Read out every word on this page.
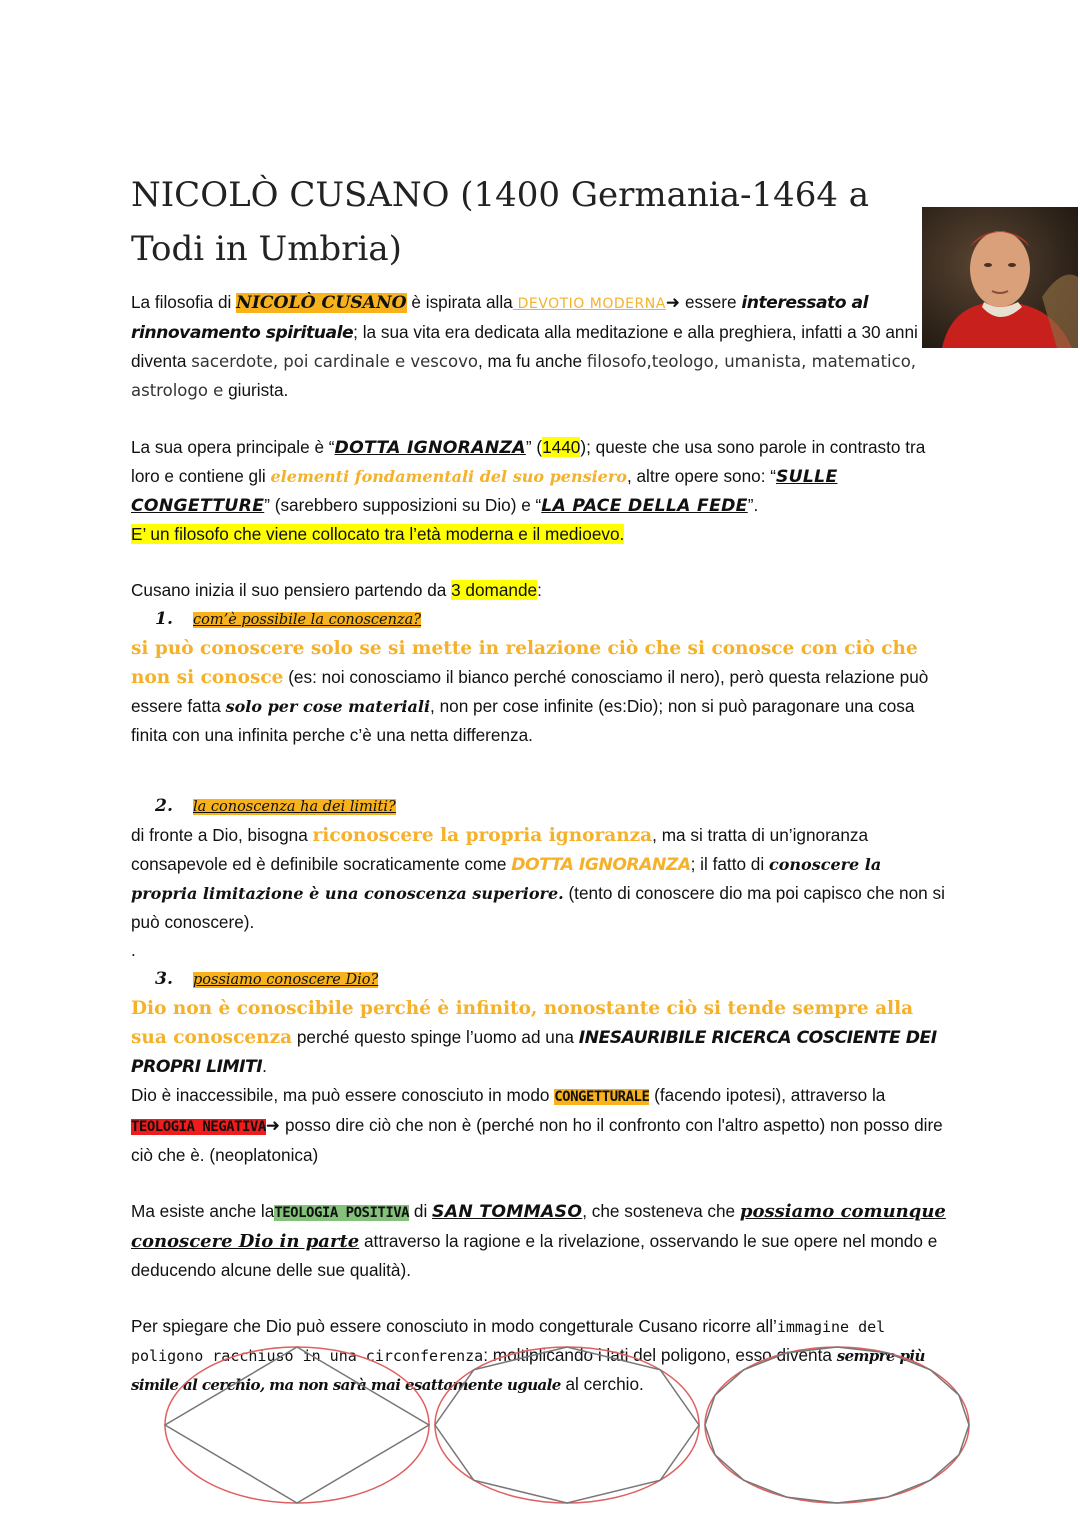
NICOLÒ CUSANO (1400 Germania-1464 a Todi in Umbria)

La filosofia di NICOLÒ CUSANO è ispirata alla DEVOTIO MODERNA➜ essere interessato al rinnovamento spirituale; la sua vita era dedicata alla meditazione e alla preghiera, infatti a 30 anni diventa sacerdote, poi cardinale e vescovo, ma fu anche filosofo,teologo, umanista, matematico, astrologo e giurista.

La sua opera principale è “DOTTA IGNORANZA” (1440); queste che usa sono parole in contrasto tra loro e contiene gli elementi fondamentali del suo pensiero, altre opere sono: “SULLE CONGETTURE” (sarebbero supposizioni su Dio) e “LA PACE DELLA FEDE”.
E’ un filosofo che viene collocato tra l’età moderna e il medioevo.

Cusano inizia il suo pensiero partendo da 3 domande:

1. com’è possibile la conoscenza?
si può conoscere solo se si mette in relazione ciò che si conosce con ciò che non si conosce (es: noi conosciamo il bianco perché conosciamo il nero), però questa relazione può essere fatta solo per cose materiali, non per cose infinite (es:Dio); non si può paragonare una cosa finita con una infinita perche c’è una netta differenza.

2. la conoscenza ha dei limiti?
di fronte a Dio, bisogna riconoscere la propria ignoranza, ma si tratta di un’ignoranza consapevole ed è definibile socraticamente come DOTTA IGNORANZA; il fatto di conoscere la propria limitazione è una conoscenza superiore. (tento di conoscere dio ma poi capisco che non si può conoscere).
.

3. possiamo conoscere Dio?
Dio non è conoscibile perché è infinito, nonostante ciò si tende sempre alla sua conoscenza perché questo spinge l’uomo ad una INESAURIBILE RICERCA COSCIENTE DEI PROPRI LIMITI.
Dio è inaccessibile, ma può essere conosciuto in modo CONGETTURALE (facendo ipotesi), attraverso la TEOLOGIA NEGATIVA➜ posso dire ciò che non è (perché non ho il confronto con l'altro aspetto) non posso dire ciò che è. (neoplatonica)

Ma esiste anche laTEOLOGIA POSITIVA di SAN TOMMASO, che sosteneva che possiamo comunque conoscere Dio in parte attraverso la ragione e la rivelazione, osservando le sue opere nel mondo e deducendo alcune delle sue qualità).

Per spiegare che Dio può essere conosciuto in modo congetturale Cusano ricorre all’immagine del poligono racchiuso in una circonferenza: moltiplicando i lati del poligono, esso diventa sempre più simile al cerchio, ma non sarà mai esattamente uguale al cerchio.
